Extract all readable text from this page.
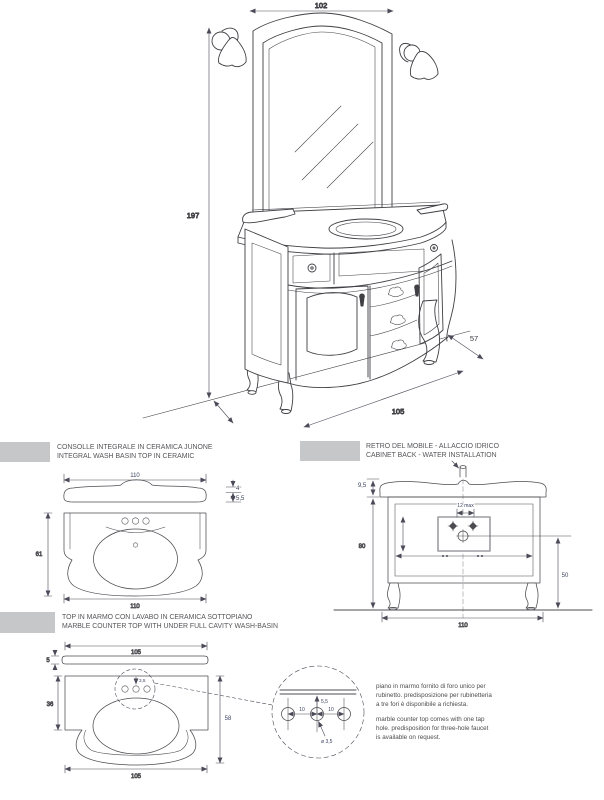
102
197
57
105
110
4
5,5
61
110
12 max
9,5
80
50
110
105
5
3,5
36
58
105
10	10
5,5
ø 3,5
CONSOLLE INTEGRALE IN CERAMICA JUNONE
INTEGRAL WASH BASIN TOP IN CERAMIC
RETRO DEL MOBILE - ALLACCIO IDRICO
CABINET BACK - WATER INSTALLATION
TOP IN MARMO CON LAVABO IN CERAMICA SOTTOPIANO
MARBLE COUNTER TOP WITH UNDER FULL CAVITY WASH-BASIN

piano in marmo fornito di foro unico per rubinetto. predisposizione per rubinetteria a tre fori è disponibile a richiesta.

marble counter top comes with one tap hole. predisposition for three-hole faucet is available on request.
